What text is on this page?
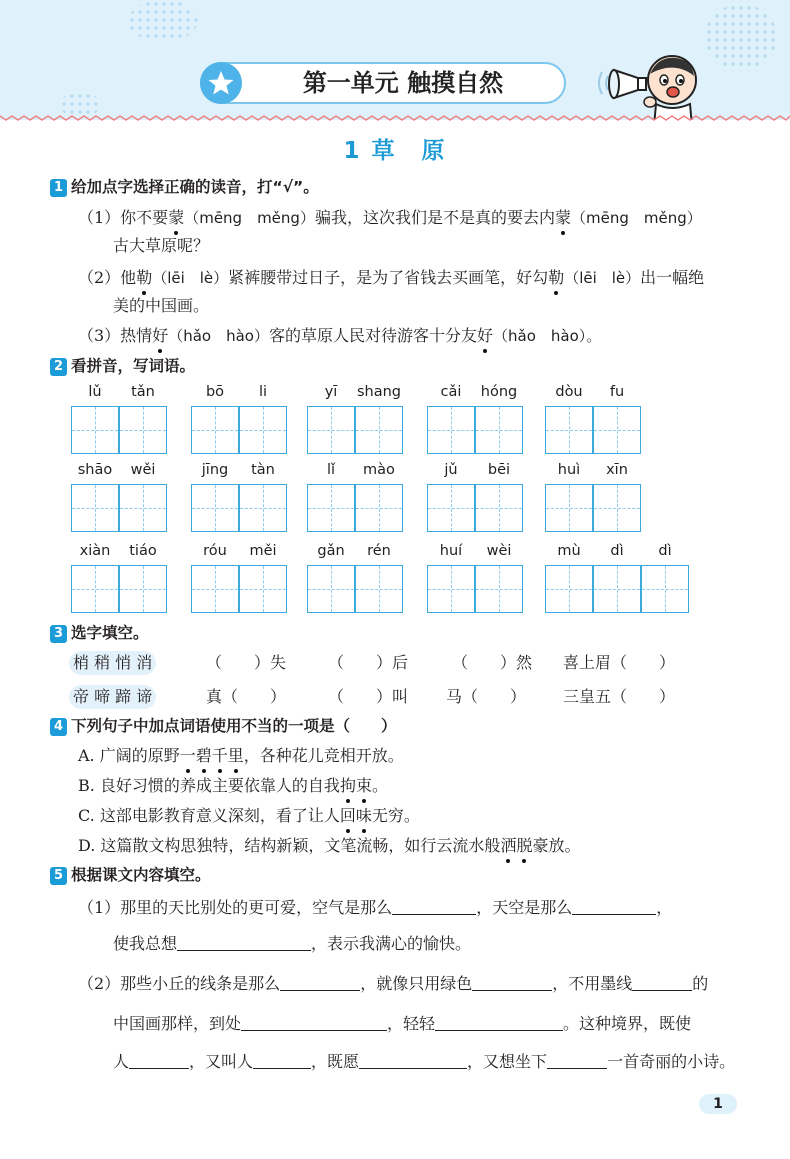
第一单元 触摸自然
1 草　原
1 给加点字选择正确的读音，打“√”。
（1）你不要蒙（mēng　měng）骗我，这次我们是不是真的要去内蒙（mēng　měng）
古大草原呢？
（2）他勒（lēi　lè）紧裤腰带过日子，是为了省钱去买画笔，好勾勒（lēi　lè）出一幅绝
美的中国画。
（3）热情好（hǎo　hào）客的草原人民对待游客十分友好（hǎo　hào）。
2 看拼音，写词语。
lǔ	tǎn	bō	li	yī	shang	cǎi	hóng	dòu	fu
shāo	wěi	jīng	tàn	lǐ	mào	jǔ	bēi	huì	xīn
xiàn	tiáo	róu	měi	gǎn	rén	huí	wèi	mù	dì	dì
3 选字填空。
梢 稍 悄 消	（　　）失	（　　）后	（　　）然 喜上眉（　　）
帝 啼 蹄 谛	真（　　）	（　　）叫 马（　　） 三皇五（　　）
4 下列句子中加点词语使用不当的一项是（　　）
A. 广阔的原野一碧千里，各种花儿竞相开放。
B. 良好习惯的养成主要依靠人的自我拘束。
C. 这部电影教育意义深刻，看了让人回味无穷。
D. 这篇散文构思独特，结构新颖，文笔流畅，如行云流水般洒脱豪放。
5 根据课文内容填空。
（1）那里的天比别处的更可爱，空气是那么	，天空是那么	，
使我总想	，表示我满心的愉快。
（2）那些小丘的线条是那么	，就像只用绿色	，不用墨线	的
中国画那样，到处	，轻轻	。这种境界，既使
人	，又叫人	，既愿	，又想坐下	一首奇丽的小诗。
1
